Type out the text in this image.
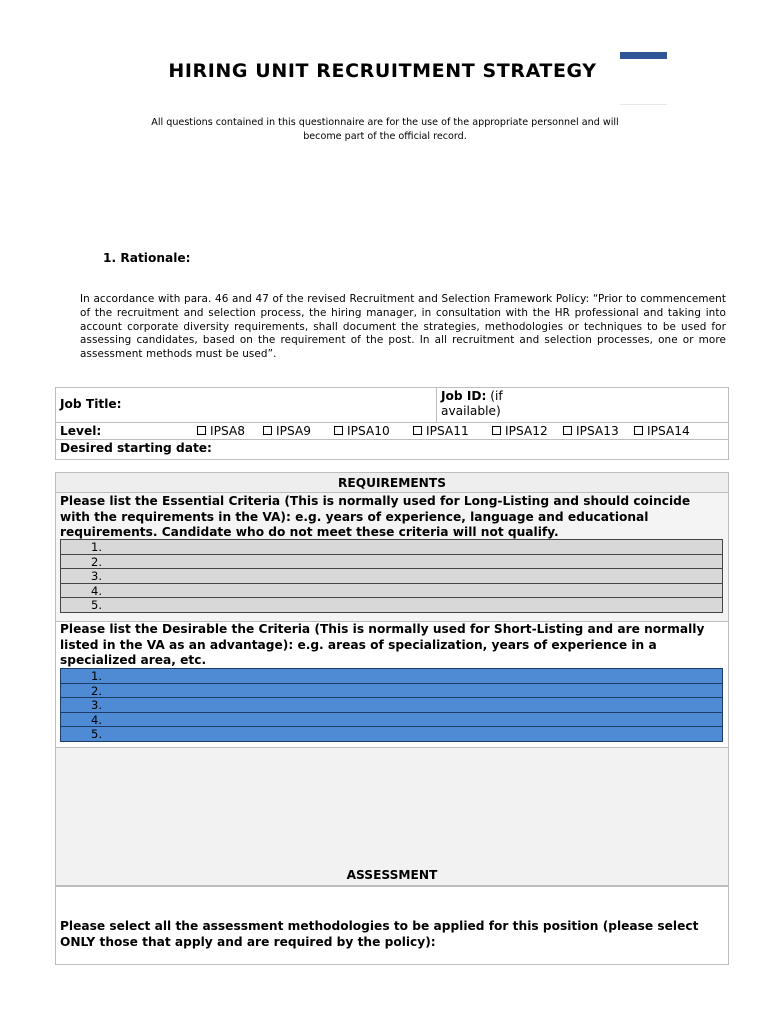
HIRING UNIT RECRUITMENT STRATEGY
All questions contained in this questionnaire are for the use of the appropriate personnel and will become part of the official record.
1. Rationale:
In accordance with para. 46 and 47 of the revised Recruitment and Selection Framework Policy: “Prior to commencement of the recruitment and selection process, the hiring manager, in consultation with the HR professional and taking into account corporate diversity requirements, shall document the strategies, methodologies or techniques to be used for assessing candidates, based on the requirement of the post. In all recruitment and selection processes, one or more assessment methods must be used”.
Job Title:
Job ID: (if available)
Level:	IPSA8	IPSA9	IPSA10	IPSA11	IPSA12	IPSA13	IPSA14
Desired starting date:
REQUIREMENTS
Please list the Essential Criteria (This is normally used for Long-Listing and should coincide with the requirements in the VA): e.g. years of experience, language and educational requirements. Candidate who do not meet these criteria will not qualify.
1.
2.
3.
4.
5.
Please list the Desirable the Criteria (This is normally used for Short-Listing and are normally listed in the VA as an advantage): e.g. areas of specialization, years of experience in a specialized area, etc.
1.
2.
3.
4.
5.
ASSESSMENT
Please select all the assessment methodologies to be applied for this position (please select ONLY those that apply and are required by the policy):
